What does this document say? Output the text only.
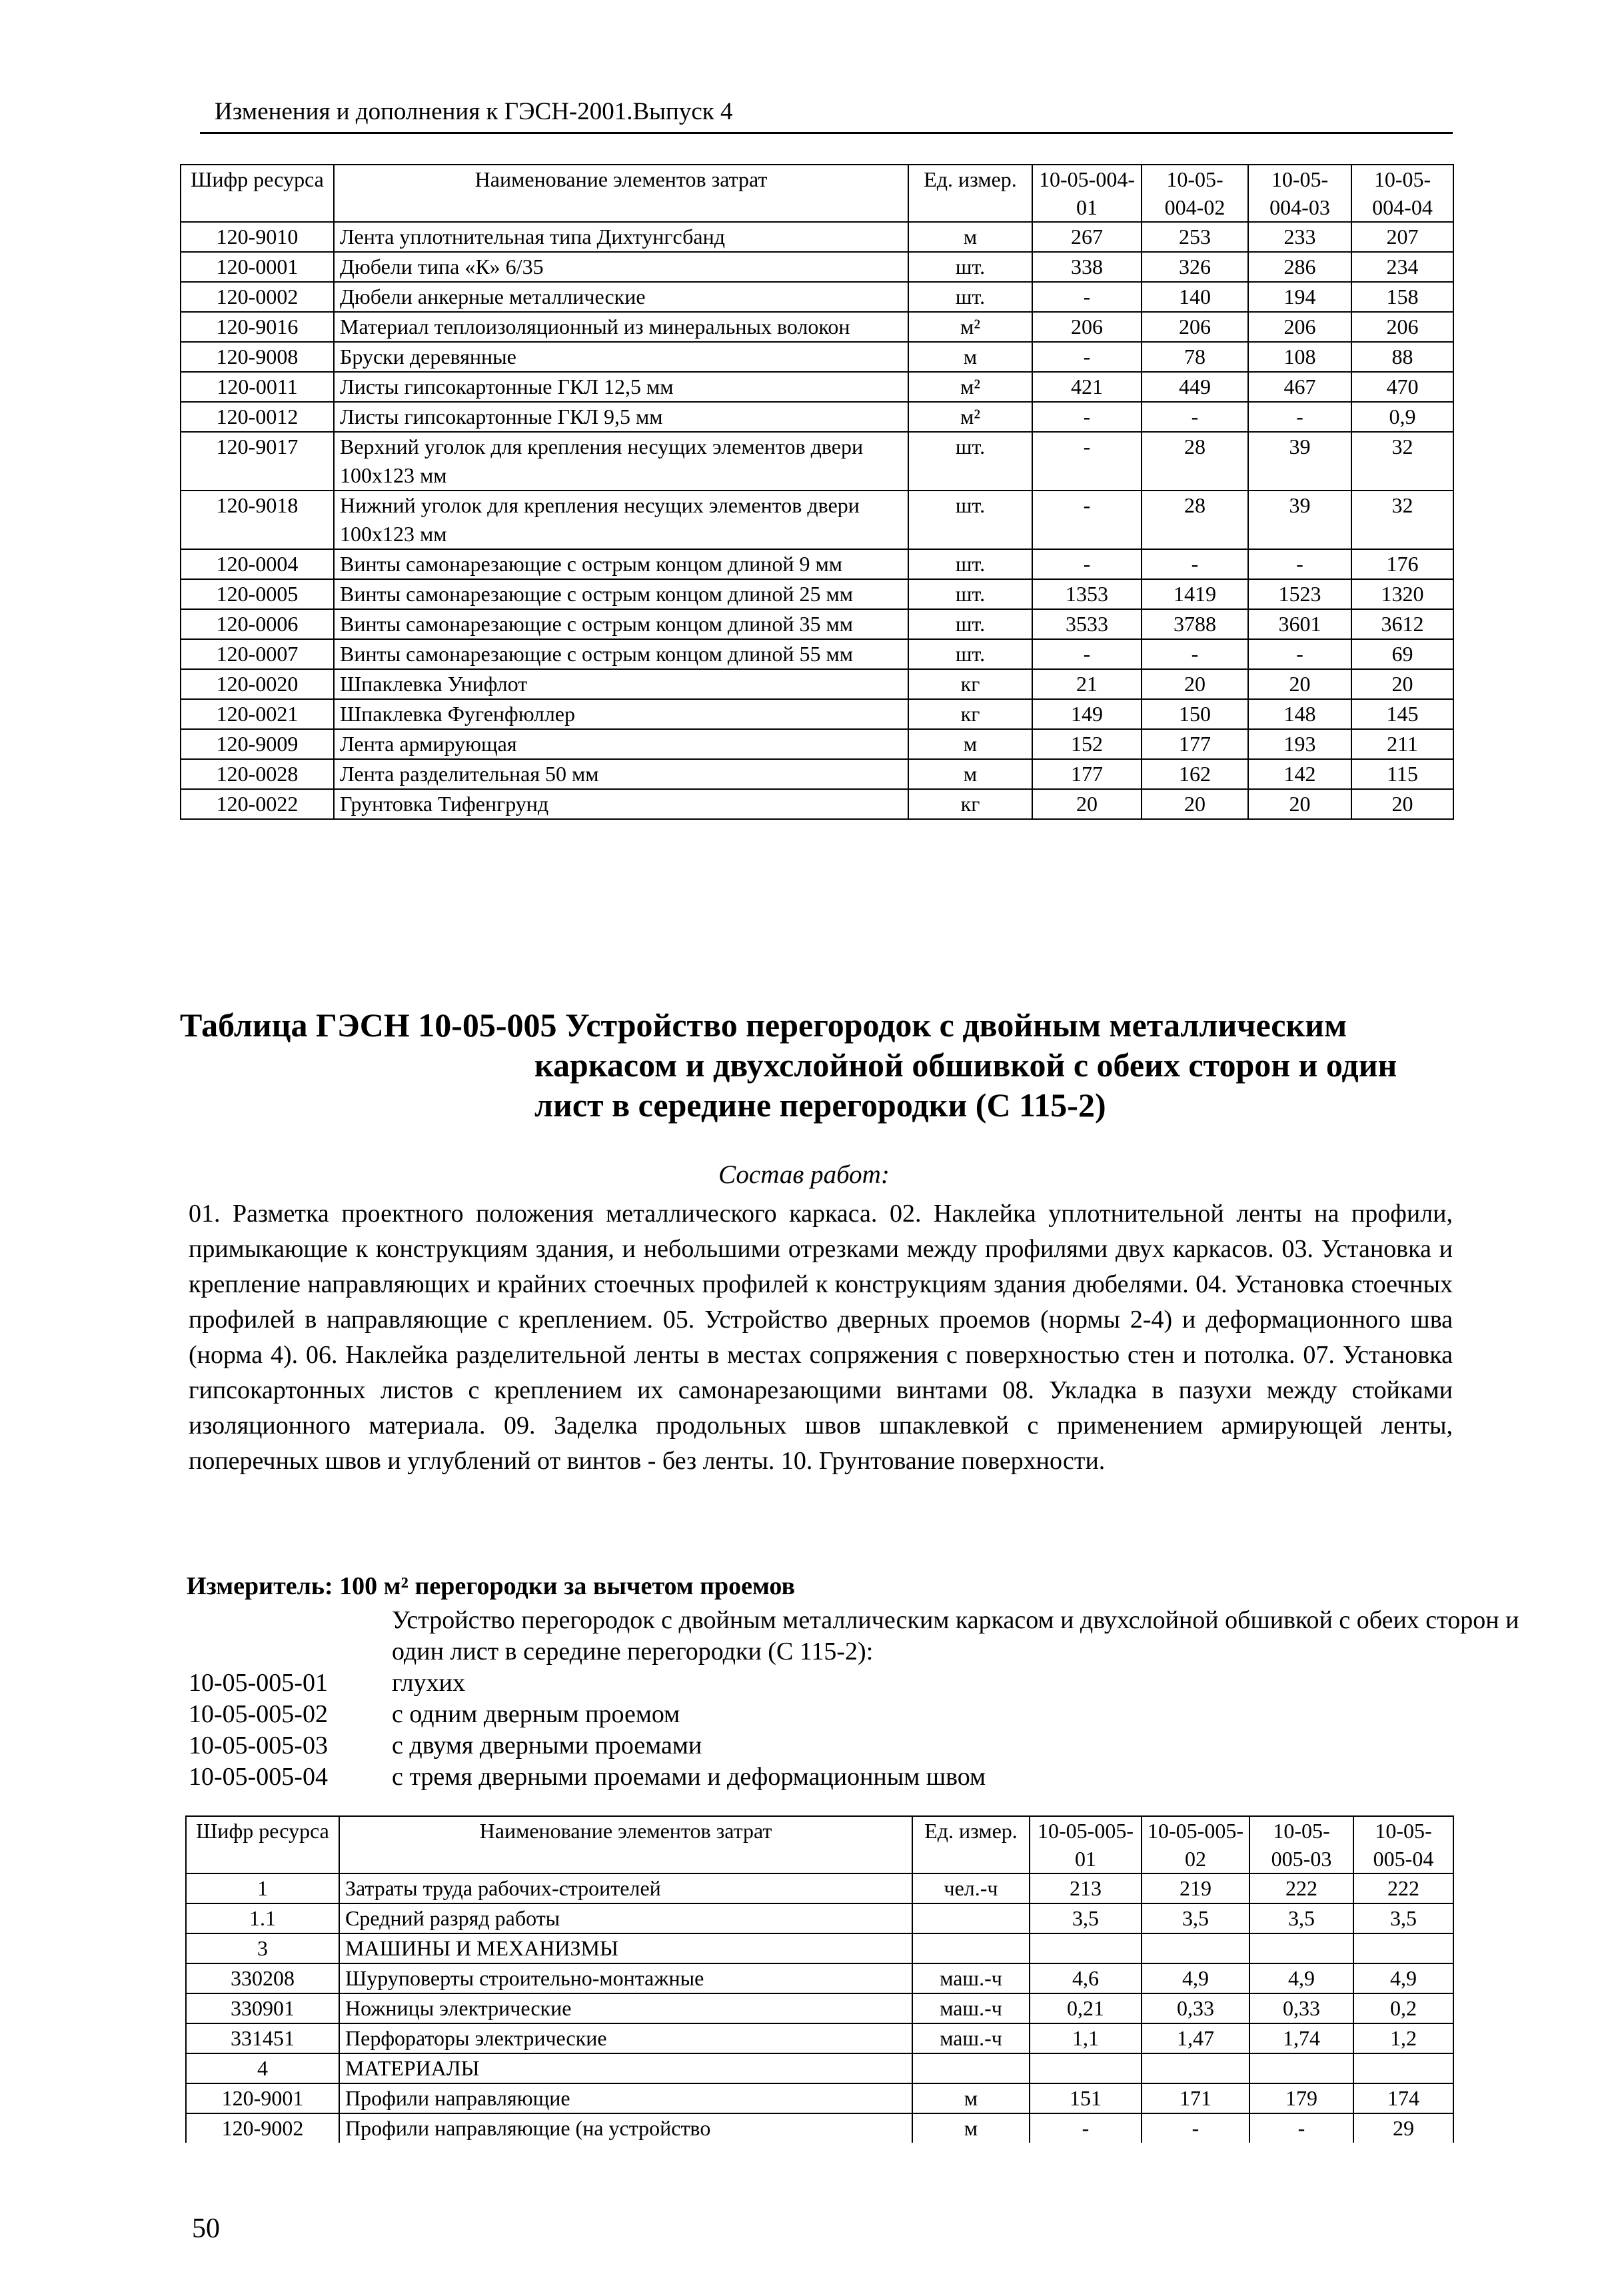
Изменения и дополнения к ГЭСН-2001.Выпуск 4
Шифр ресурса	Наименование элементов затрат	Ед. измер.	10-05-004-01	10-05-004-02	10-05-004-03	10-05-004-04
120-9010	Лента уплотнительная типа Дихтунгсбанд	м	267	253	233	207
120-0001	Дюбели типа «К» 6/35	шт.	338	326	286	234
120-0002	Дюбели анкерные металлические	шт.	-	140	194	158
120-9016	Материал теплоизоляционный из минеральных волокон	м²	206	206	206	206
120-9008	Бруски деревянные	м	-	78	108	88
120-0011	Листы гипсокартонные ГКЛ 12,5 мм	м²	421	449	467	470
120-0012	Листы гипсокартонные ГКЛ 9,5 мм	м²	-	-	-	0,9
120-9017	Верхний уголок для крепления несущих элементов двери 100х123 мм	шт.	-	28	39	32
120-9018	Нижний уголок для крепления несущих элементов двери 100х123 мм	шт.	-	28	39	32
120-0004	Винты самонарезающие с острым концом длиной 9 мм	шт.	-	-	-	176
120-0005	Винты самонарезающие с острым концом длиной 25 мм	шт.	1353	1419	1523	1320
120-0006	Винты самонарезающие с острым концом длиной 35 мм	шт.	3533	3788	3601	3612
120-0007	Винты самонарезающие с острым концом длиной 55 мм	шт.	-	-	-	69
120-0020	Шпаклевка Унифлот	кг	21	20	20	20
120-0021	Шпаклевка Фугенфюллер	кг	149	150	148	145
120-9009	Лента армирующая	м	152	177	193	211
120-0028	Лента разделительная 50 мм	м	177	162	142	115
120-0022	Грунтовка Тифенгрунд	кг	20	20	20	20
Таблица ГЭСН 10-05-005 Устройство перегородок с двойным металлическим
каркасом и двухслойной обшивкой с обеих сторон и один
лист в середине перегородки (С 115-2)
Состав работ:

01. Разметка проектного положения металлического каркаса. 02. Наклейка уплотнительной ленты на профили, примыкающие к конструкциям здания, и небольшими отрезками между профилями двух каркасов. 03. Установка и крепление направляющих и крайних стоечных профилей к конструкциям здания дюбелями. 04. Установка стоечных профилей в направляющие с креплением. 05. Устройство дверных проемов (нормы 2-4) и деформационного шва (норма 4). 06. Наклейка разделительной ленты в местах сопряжения с поверхностью стен и потолка. 07. Установка гипсокартонных листов с креплением их самонарезающими винтами 08. Укладка в пазухи между стойками изоляционного материала. 09. Заделка продольных швов шпаклевкой с применением армирующей ленты, поперечных швов и углублений от винтов - без ленты. 10. Грунтование поверхности.

Измеритель: 100 м² перегородки за вычетом проемов
Устройство перегородок с двойным металлическим каркасом и двухслойной обшивкой с обеих сторон и один лист в середине перегородки (С 115-2):
10-05-005-01	глухих
10-05-005-02	с одним дверным проемом
10-05-005-03	с двумя дверными проемами
10-05-005-04	с тремя дверными проемами и деформационным швом
Шифр ресурса	Наименование элементов затрат	Ед. измер.	10-05-005-01	10-05-005-02	10-05-005-03	10-05-005-04
1	Затраты труда рабочих-строителей	чел.-ч	213	219	222	222
1.1	Средний разряд работы		3,5	3,5	3,5	3,5
3	МАШИНЫ И МЕХАНИЗМЫ					
330208	Шуруповерты строительно-монтажные	маш.-ч	4,6	4,9	4,9	4,9
330901	Ножницы электрические	маш.-ч	0,21	0,33	0,33	0,2
331451	Перфораторы электрические	маш.-ч	1,1	1,47	1,74	1,2
4	МАТЕРИАЛЫ					
120-9001	Профили направляющие	м	151	171	179	174
120-9002	Профили направляющие (на устройство	м	-	-	-	29
50
